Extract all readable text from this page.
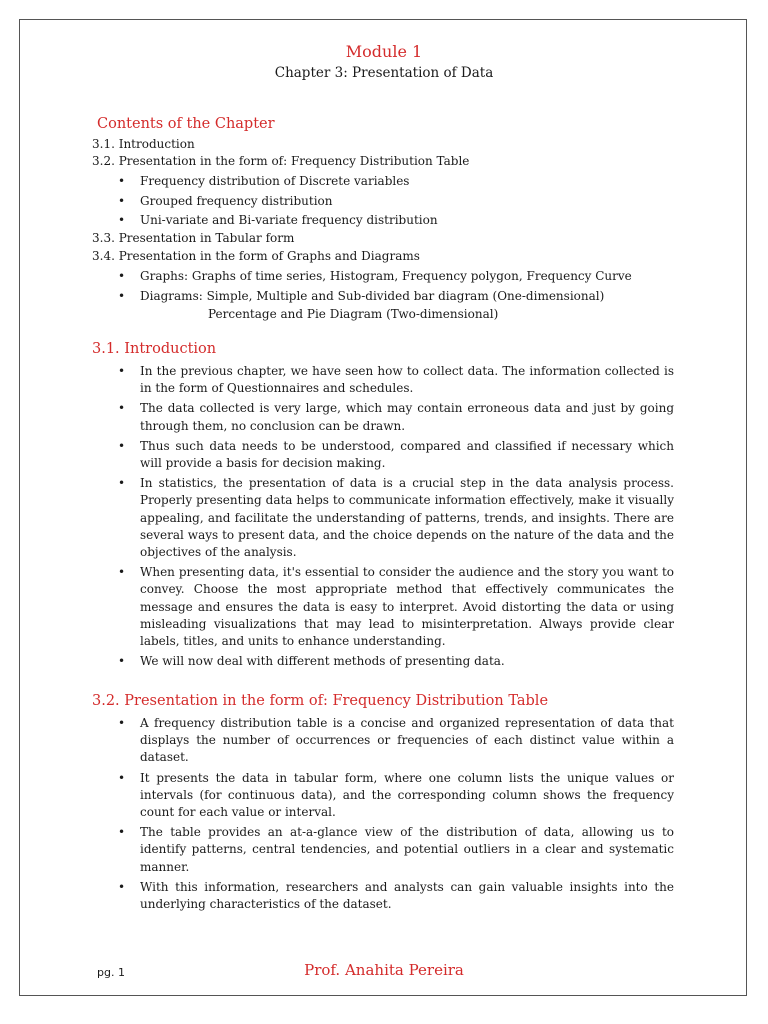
Module 1
Chapter 3: Presentation of Data
Contents of the Chapter
3.1. Introduction
3.2. Presentation in the form of: Frequency Distribution Table
• Frequency distribution of Discrete variables
• Grouped frequency distribution
• Uni-variate and Bi-variate frequency distribution
3.3. Presentation in Tabular form
3.4. Presentation in the form of Graphs and Diagrams
• Graphs: Graphs of time series, Histogram, Frequency polygon, Frequency Curve
• Diagrams: Simple, Multiple and Sub-divided bar diagram (One-dimensional)
Percentage and Pie Diagram (Two-dimensional)
3.1. Introduction
• In the previous chapter, we have seen how to collect data. The information collected is in the form of Questionnaires and schedules.
• The data collected is very large, which may contain erroneous data and just by going through them, no conclusion can be drawn.
• Thus such data needs to be understood, compared and classified if necessary which will provide a basis for decision making.
• In statistics, the presentation of data is a crucial step in the data analysis process. Properly presenting data helps to communicate information effectively, make it visually appealing, and facilitate the understanding of patterns, trends, and insights. There are several ways to present data, and the choice depends on the nature of the data and the objectives of the analysis.
• When presenting data, it's essential to consider the audience and the story you want to convey. Choose the most appropriate method that effectively communicates the message and ensures the data is easy to interpret. Avoid distorting the data or using misleading visualizations that may lead to misinterpretation. Always provide clear labels, titles, and units to enhance understanding.
• We will now deal with different methods of presenting data.
3.2. Presentation in the form of: Frequency Distribution Table
• A frequency distribution table is a concise and organized representation of data that displays the number of occurrences or frequencies of each distinct value within a dataset.
• It presents the data in tabular form, where one column lists the unique values or intervals (for continuous data), and the corresponding column shows the frequency count for each value or interval.
• The table provides an at-a-glance view of the distribution of data, allowing us to identify patterns, central tendencies, and potential outliers in a clear and systematic manner.
• With this information, researchers and analysts can gain valuable insights into the underlying characteristics of the dataset.
pg. 1	Prof. Anahita Pereira
